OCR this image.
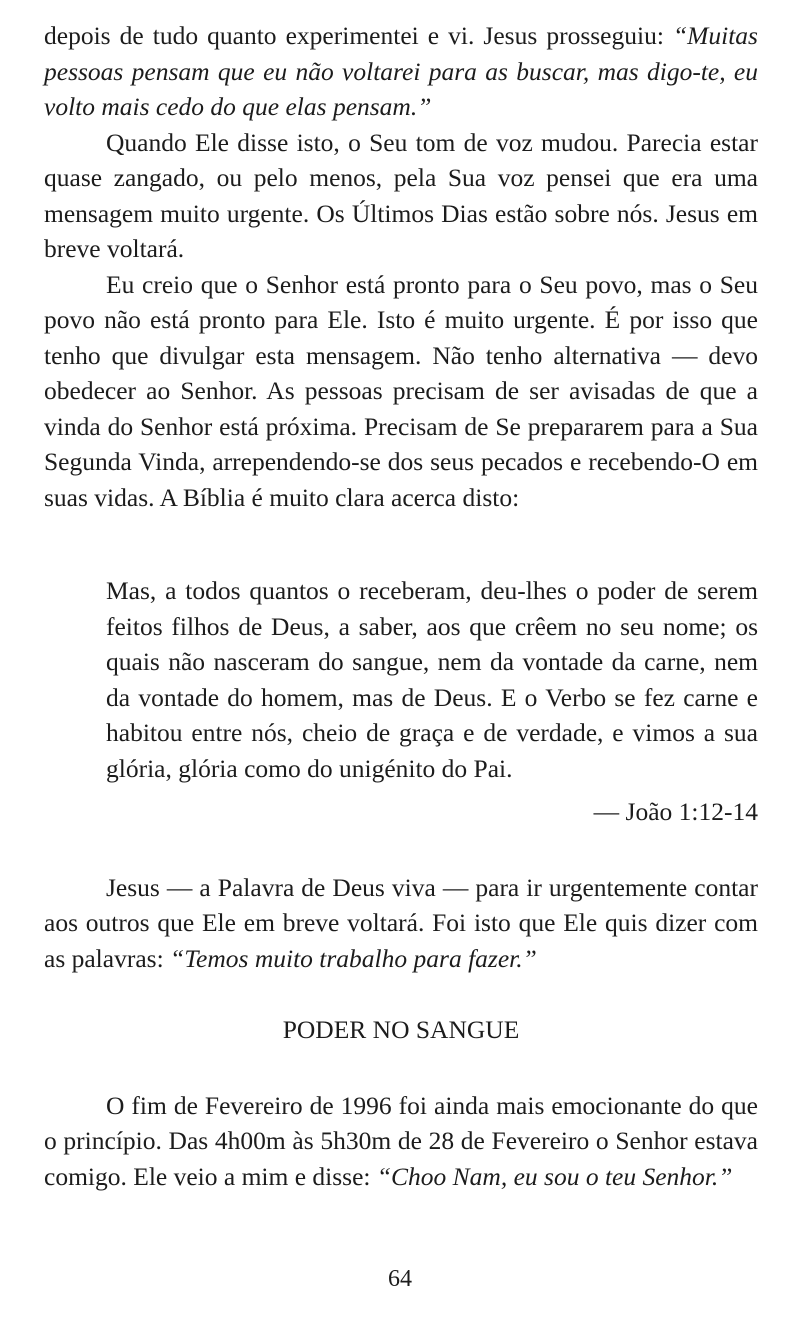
depois de tudo quanto experimentei e vi. Jesus prosseguiu: “Muitas pessoas pensam que eu não voltarei para as buscar, mas digo-te, eu volto mais cedo do que elas pensam.”

Quando Ele disse isto, o Seu tom de voz mudou. Parecia estar quase zangado, ou pelo menos, pela Sua voz pensei que era uma mensagem muito urgente. Os Últimos Dias estão sobre nós. Jesus em breve voltará.

Eu creio que o Senhor está pronto para o Seu povo, mas o Seu povo não está pronto para Ele. Isto é muito urgente. É por isso que tenho que divulgar esta mensagem. Não tenho alternativa — devo obedecer ao Senhor. As pessoas precisam de ser avisadas de que a vinda do Senhor está próxima. Precisam de Se prepararem para a Sua Segunda Vinda, arrependendo-se dos seus pecados e recebendo-O em suas vidas. A Bíblia é muito clara acerca disto:

Mas, a todos quantos o receberam, deu-lhes o poder de serem feitos filhos de Deus, a saber, aos que crêem no seu nome; os quais não nasceram do sangue, nem da vontade da carne, nem da vontade do homem, mas de Deus. E o Verbo se fez carne e habitou entre nós, cheio de graça e de verdade, e vimos a sua glória, glória como do unigénito do Pai.

— João 1:12-14

Jesus — a Palavra de Deus viva — para ir urgentemente contar aos outros que Ele em breve voltará. Foi isto que Ele quis dizer com as palavras: “Temos muito trabalho para fazer.”

PODER NO SANGUE

O fim de Fevereiro de 1996 foi ainda mais emocionante do que o princípio. Das 4h00m às 5h30m de 28 de Fevereiro o Senhor estava comigo. Ele veio a mim e disse: “Choo Nam, eu sou o teu Senhor.”

64
